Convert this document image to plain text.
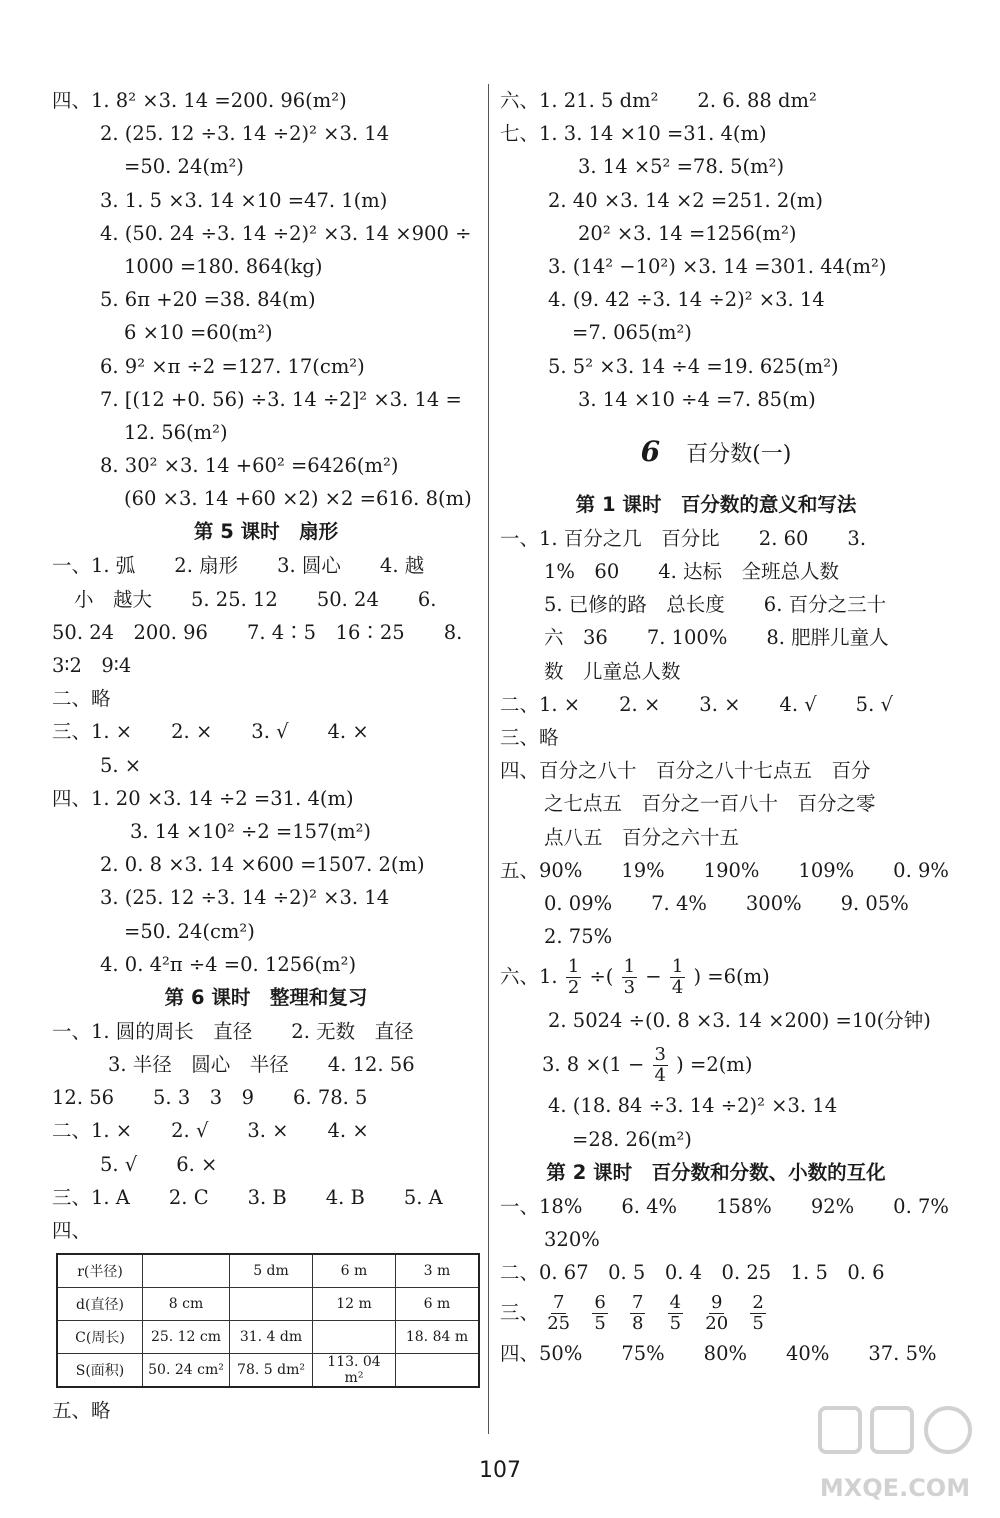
四、1. 8² ×3. 14 =200. 96(m²)
2. (25. 12 ÷3. 14 ÷2)² ×3. 14
=50. 24(m²)
3. 1. 5 ×3. 14 ×10 =47. 1(m)
4. (50. 24 ÷3. 14 ÷2)² ×3. 14 ×900 ÷
1000 =180. 864(kg)
5. 6π +20 =38. 84(m)
6 ×10 =60(m²)
6. 9² ×π ÷2 =127. 17(cm²)
7. [(12 +0. 56) ÷3. 14 ÷2]² ×3. 14 =
12. 56(m²)
8. 30² ×3. 14 +60² =6426(m²)
(60 ×3. 14 +60 ×2) ×2 =616. 8(m)
第 5 课时　扇形
一、1. 弧　　2. 扇形　　3. 圆心　　4. 越
小　越大　　5. 25. 12　　50. 24　　6.
50. 24　200. 96　　7. 4∶5　16∶25　　8.
3∶2　9∶4
二、略
三、1. ×　　2. ×　　3. √　　4. ×
5. ×
四、1. 20 ×3. 14 ÷2 =31. 4(m)
3. 14 ×10² ÷2 =157(m²)
2. 0. 8 ×3. 14 ×600 =1507. 2(m)
3. (25. 12 ÷3. 14 ÷2)² ×3. 14
=50. 24(cm²)
4. 0. 4²π ÷4 =0. 1256(m²)
第 6 课时　整理和复习
一、1. 圆的周长　直径　　2. 无数　直径
3. 半径　圆心　半径　　4. 12. 56
12. 56　　5. 3　3　9　　6. 78. 5
二、1. ×　　2. √　　3. ×　　4. ×
5. √　　6. ×
三、1. A　　2. C　　3. B　　4. B　　5. A
四、
r(半径)		5 dm	6 m	3 m
d(直径)	8 cm		12 m	6 m
C(周长)	25. 12 cm	31. 4 dm		18. 84 m
S(面积)	50. 24 cm²	78. 5 dm²	113. 04 m²	
五、略
六、1. 21. 5 dm²　　2. 6. 88 dm²
七、1. 3. 14 ×10 =31. 4(m)
3. 14 ×5² =78. 5(m²)
2. 40 ×3. 14 ×2 =251. 2(m)
20² ×3. 14 =1256(m²)
3. (14² −10²) ×3. 14 =301. 44(m²)
4. (9. 42 ÷3. 14 ÷2)² ×3. 14
=7. 065(m²)
5. 5² ×3. 14 ÷4 =19. 625(m²)
3. 14 ×10 ÷4 =7. 85(m)
6 百分数(一)
第 1 课时　百分数的意义和写法
一、1. 百分之几　百分比　　2. 60　　3.
1%　60　　4. 达标　全班总人数
5. 已修的路　总长度　　6. 百分之三十
六　36　　7. 100%　　8. 肥胖儿童人
数　儿童总人数
二、1. ×　　2. ×　　3. ×　　4. √　　5. √
三、略
四、百分之八十　百分之八十七点五　百分
之七点五　百分之一百八十　百分之零
点八五　百分之六十五
五、90%　　19%　　190%　　109%　　0. 9%
0. 09%　　7. 4%　　300%　　9. 05%
2. 75%
六、1. $\frac{1}{2}$ ÷( $\frac{1}{3} - \frac{1}{4}$ ) =6(m)
2. 5024 ÷(0. 8 ×3. 14 ×200) =10(分钟)
3. $8 \times(1 - \frac{3}{4}$ ) =2(m)
4. (18. 84 ÷3. 14 ÷2)² ×3. 14
=28. 26(m²)
第 2 课时　百分数和分数、小数的互化
一、18%　　6. 4%　　158%　　92%　　0. 7%
320%
二、0. 67　0. 5　0. 4　0. 25　1. 5　0. 6
三、 $\frac{7}{25}$
$\frac{6}{5}$
$\frac{7}{8}$
$\frac{4}{5}$
$\frac{9}{20}$
$\frac{2}{5}$
四、50%　　75%　　80%　　40%　　37. 5%
107
MXQE.COM
